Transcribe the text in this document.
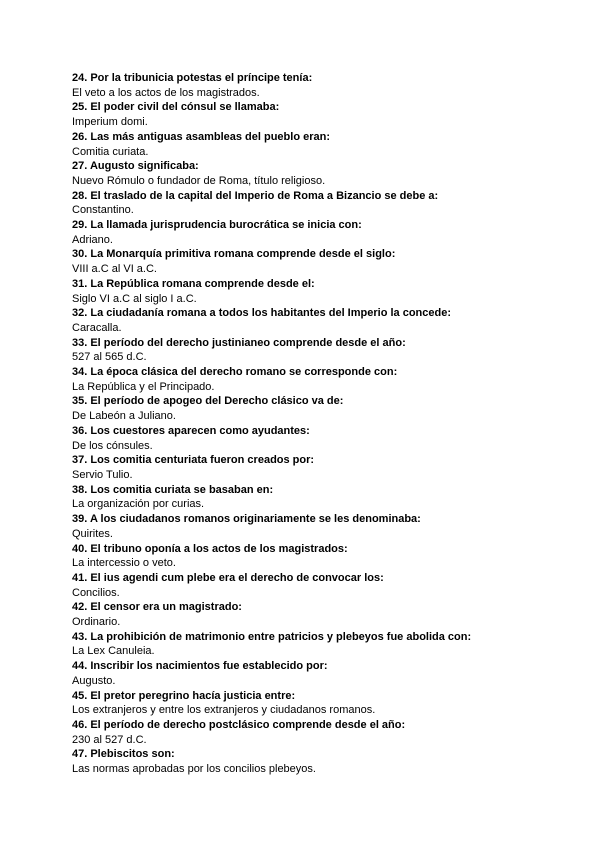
24. Por la tribunicia potestas el príncipe tenía:

El veto a los actos de los magistrados.

25. El poder civil del cónsul se llamaba:

Imperium domi.

26. Las más antiguas asambleas del pueblo eran:

Comitia curiata.

27. Augusto significaba:

Nuevo Rómulo o fundador de Roma, título religioso.

28. El traslado de la capital del Imperio de Roma a Bizancio se debe a:

Constantino.

29. La llamada jurisprudencia burocrática se inicia con:

Adriano.

30. La Monarquía primitiva romana comprende desde el siglo:

VIII a.C al VI a.C.

31. La República romana comprende desde el:

Siglo VI a.C al siglo I a.C.

32. La ciudadanía romana a todos los habitantes del Imperio la concede:

Caracalla.

33. El período del derecho justinianeo comprende desde el año:

527 al 565 d.C.

34. La época clásica del derecho romano se corresponde con:

La República y el Principado.

35. El período de apogeo del Derecho clásico va de:

De Labeón a Juliano.

36. Los cuestores aparecen como ayudantes:

De los cónsules.

37. Los comitia centuriata fueron creados por:

Servio Tulio.

38. Los comitia curiata se basaban en:

La organización por curias.

39. A los ciudadanos romanos originariamente se les denominaba:

Quirites.

40. El tribuno oponía a los actos de los magistrados:

La intercessio o veto.

41. El ius agendi cum plebe era el derecho de convocar los:

Concilios.

42. El censor era un magistrado:

Ordinario.

43. La prohibición de matrimonio entre patricios y plebeyos fue abolida con:

La Lex Canuleia.

44. Inscribir los nacimientos fue establecido por:

Augusto.

45. El pretor peregrino hacía justicia entre:

Los extranjeros y entre los extranjeros y ciudadanos romanos.

46. El período de derecho postclásico comprende desde el año:

230 al 527 d.C.

47. Plebiscitos son:

Las normas aprobadas por los concilios plebeyos.
